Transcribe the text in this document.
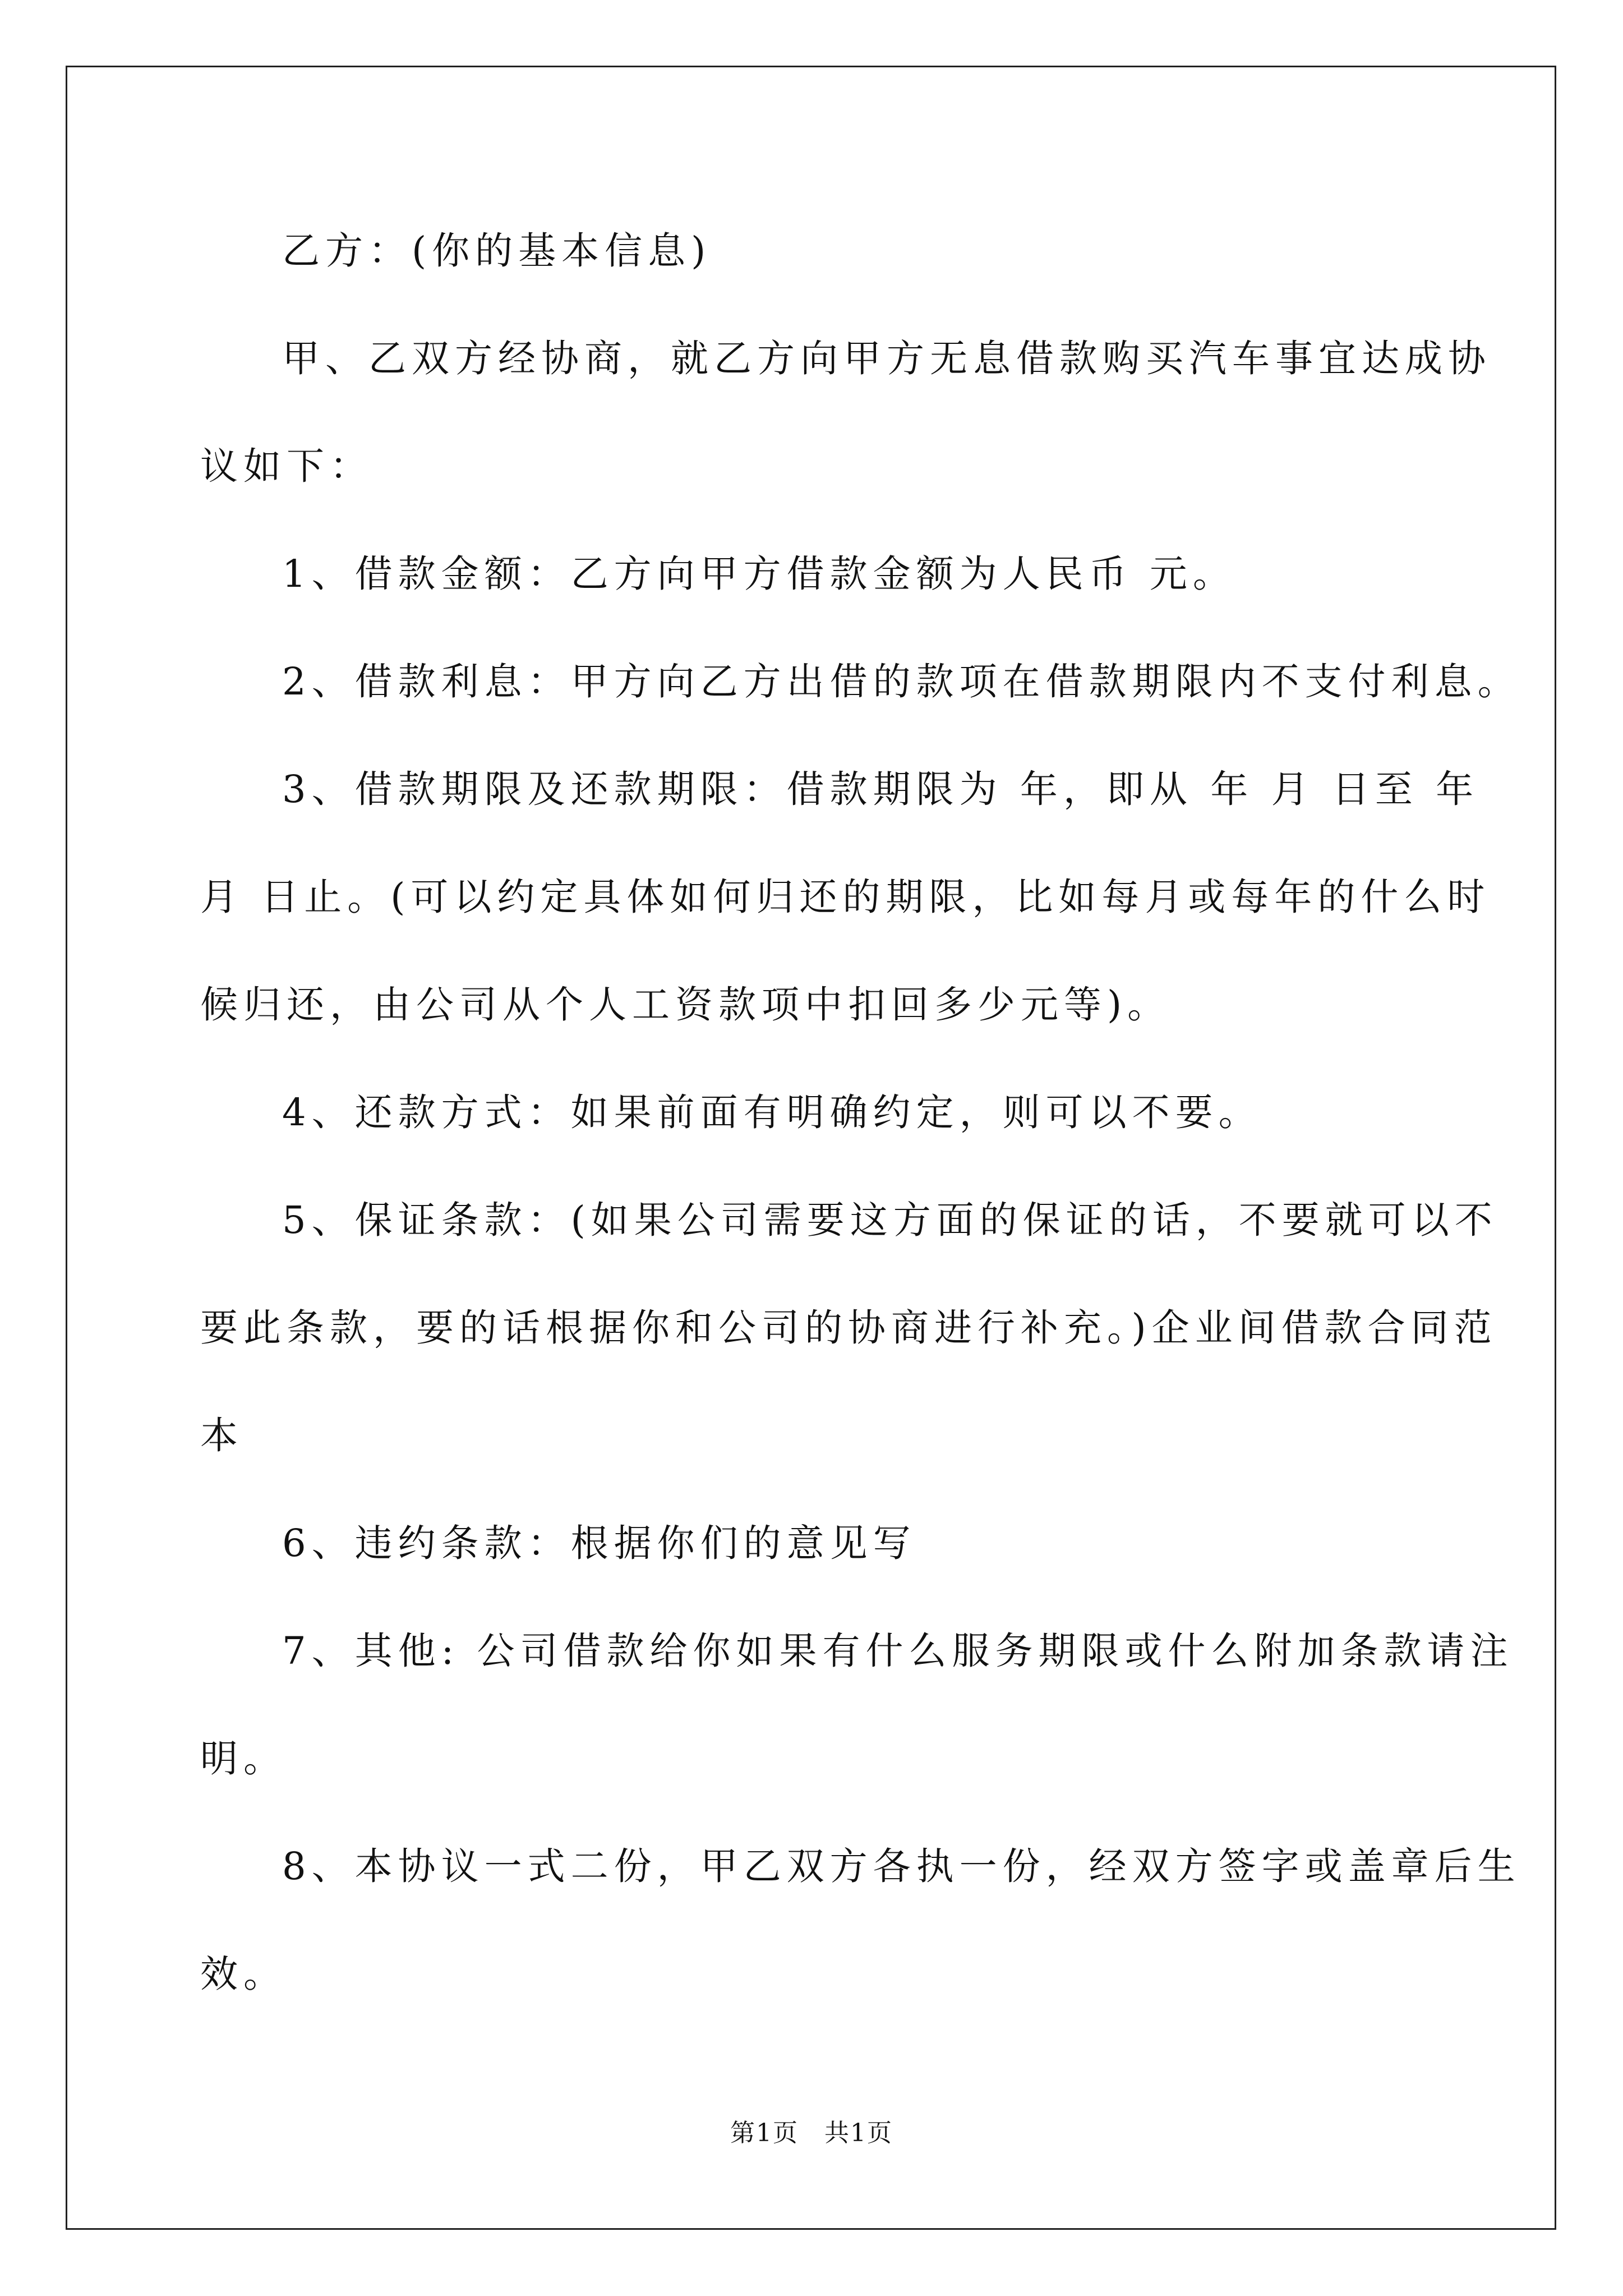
乙方：(你的基本信息)
甲、乙双方经协商，就乙方向甲方无息借款购买汽车事宜达成协
议如下：
1、借款金额：乙方向甲方借款金额为人民币 元。
2、借款利息：甲方向乙方出借的款项在借款期限内不支付利息。
3、借款期限及还款期限：借款期限为 年，即从 年 月 日至 年
月 日止。(可以约定具体如何归还的期限，比如每月或每年的什么时
候归还，由公司从个人工资款项中扣回多少元等)。
4、还款方式：如果前面有明确约定，则可以不要。
5、保证条款：(如果公司需要这方面的保证的话，不要就可以不
要此条款，要的话根据你和公司的协商进行补充。)企业间借款合同范
本
6、违约条款：根据你们的意见写
7、其他: 公司借款给你如果有什么服务期限或什么附加条款请注
明。
8、本协议一式二份，甲乙双方各执一份，经双方签字或盖章后生
效。
第1页　共1页
